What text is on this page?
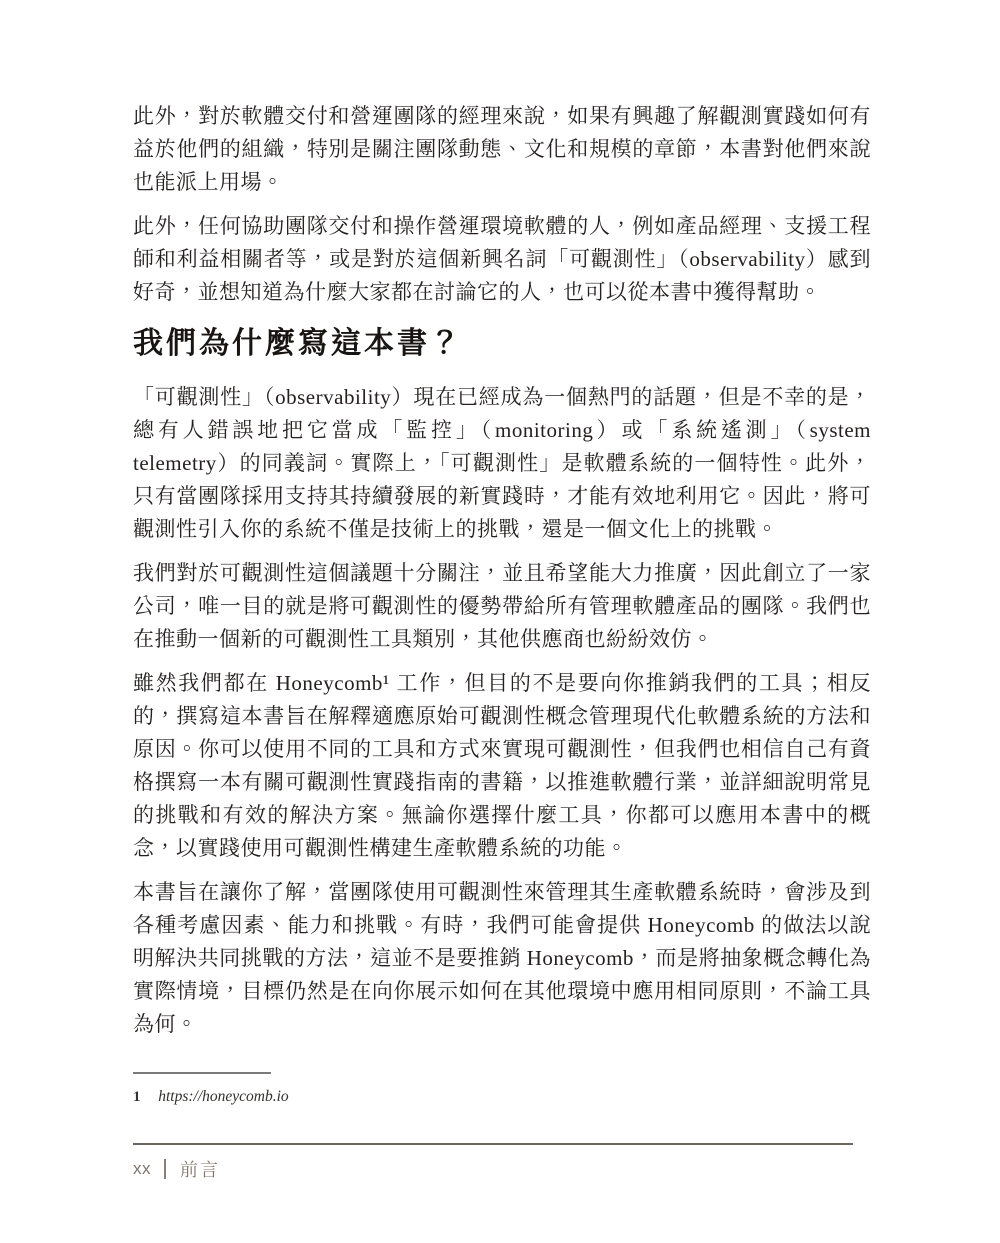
此外，對於軟體交付和營運團隊的經理來說，如果有興趣了解觀測實踐如何有益於他們的組織，特別是關注團隊動態、文化和規模的章節，本書對他們來說也能派上用場。

此外，任何協助團隊交付和操作營運環境軟體的人，例如產品經理、支援工程師和利益相關者等，或是對於這個新興名詞「可觀測性」（observability）感到好奇，並想知道為什麼大家都在討論它的人，也可以從本書中獲得幫助。

我們為什麼寫這本書？

「可觀測性」（observability）現在已經成為一個熱門的話題，但是不幸的是，總有人錯誤地把它當成「監控」（monitoring）或「系統遙測」（system telemetry）的同義詞。實際上，「可觀測性」是軟體系統的一個特性。此外，只有當團隊採用支持其持續發展的新實踐時，才能有效地利用它。因此，將可觀測性引入你的系統不僅是技術上的挑戰，還是一個文化上的挑戰。

我們對於可觀測性這個議題十分關注，並且希望能大力推廣，因此創立了一家公司，唯一目的就是將可觀測性的優勢帶給所有管理軟體產品的團隊。我們也在推動一個新的可觀測性工具類別，其他供應商也紛紛效仿。

雖然我們都在 Honeycomb¹ 工作，但目的不是要向你推銷我們的工具；相反的，撰寫這本書旨在解釋適應原始可觀測性概念管理現代化軟體系統的方法和原因。你可以使用不同的工具和方式來實現可觀測性，但我們也相信自己有資格撰寫一本有關可觀測性實踐指南的書籍，以推進軟體行業，並詳細說明常見的挑戰和有效的解決方案。無論你選擇什麼工具，你都可以應用本書中的概念，以實踐使用可觀測性構建生產軟體系統的功能。

本書旨在讓你了解，當團隊使用可觀測性來管理其生產軟體系統時，會涉及到各種考慮因素、能力和挑戰。有時，我們可能會提供 Honeycomb 的做法以說明解決共同挑戰的方法，這並不是要推銷 Honeycomb，而是將抽象概念轉化為實際情境，目標仍然是在向你展示如何在其他環境中應用相同原則，不論工具為何。

1 https://honeycomb.io
xx 前言
